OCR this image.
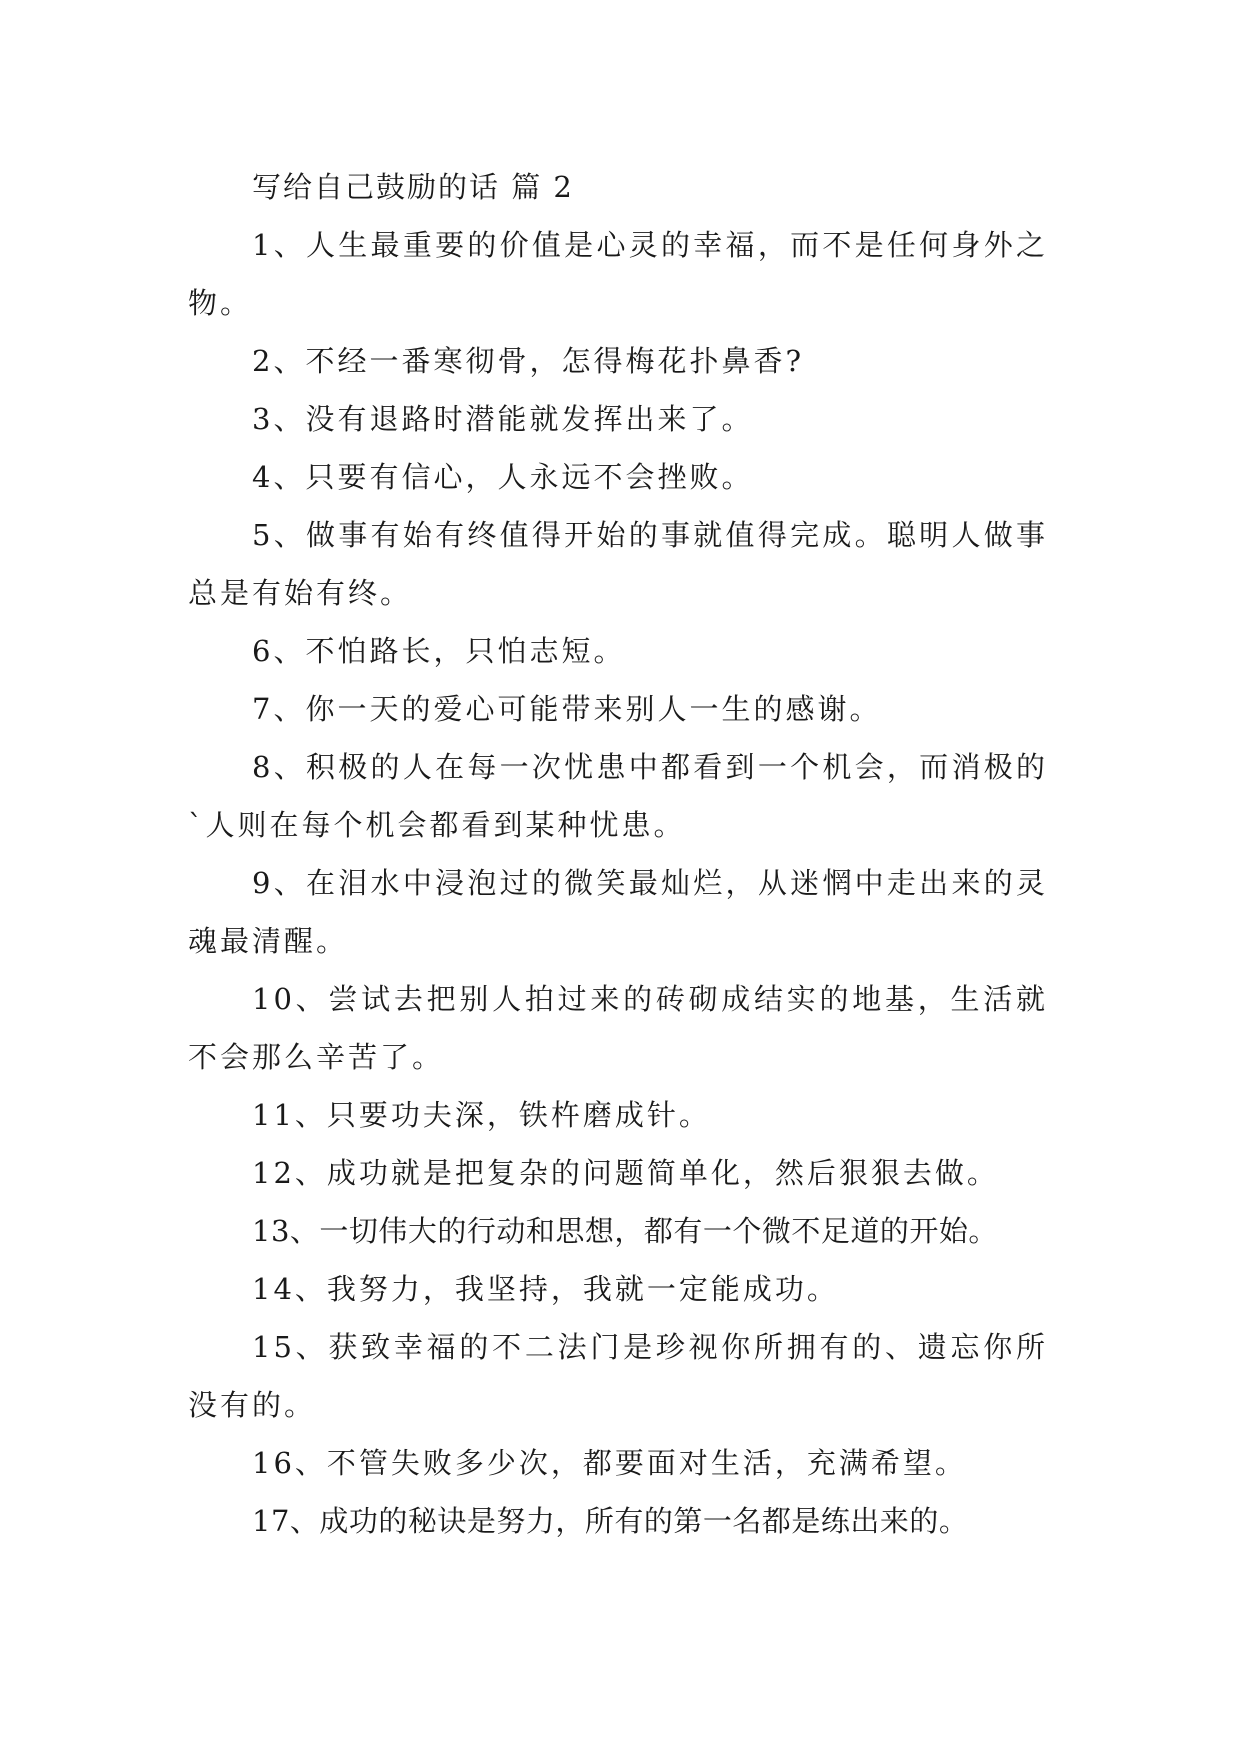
写给自己鼓励的话 篇 2
1、人生最重要的价值是心灵的幸福，而不是任何身外之物。
2、不经一番寒彻骨，怎得梅花扑鼻香?
3、没有退路时潜能就发挥出来了。
4、只要有信心，人永远不会挫败。
5、做事有始有终值得开始的事就值得完成。聪明人做事总是有始有终。
6、不怕路长，只怕志短。
7、你一天的爱心可能带来别人一生的感谢。
8、积极的人在每一次忧患中都看到一个机会，而消极的`人则在每个机会都看到某种忧患。
9、在泪水中浸泡过的微笑最灿烂，从迷惘中走出来的灵魂最清醒。
10、尝试去把别人拍过来的砖砌成结实的地基，生活就不会那么辛苦了。
11、只要功夫深，铁杵磨成针。
12、成功就是把复杂的问题简单化，然后狠狠去做。
13、一切伟大的行动和思想，都有一个微不足道的开始。
14、我努力，我坚持，我就一定能成功。
15、获致幸福的不二法门是珍视你所拥有的、遗忘你所没有的。
16、不管失败多少次，都要面对生活，充满希望。
17、成功的秘诀是努力，所有的第一名都是练出来的。
